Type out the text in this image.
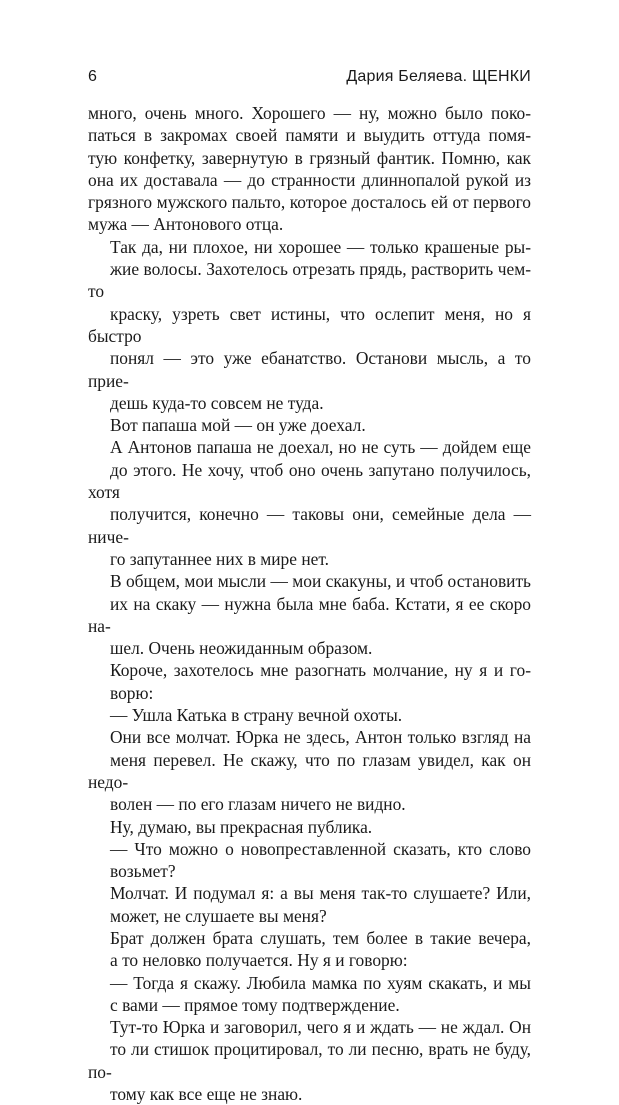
6	Дария Беляева. ЩЕНКИ

много, очень много. Хорошего — ну, можно было поко-
паться в закромах своей памяти и выудить оттуда помя-
тую конфетку, завернутую в грязный фантик. Помню, как
она их доставала — до странности длиннопалой рукой из
грязного мужского пальто, которое досталось ей от первого
мужа — Антонового отца.

Так да, ни плохое, ни хорошее — только крашеные ры-
жие волосы. Захотелось отрезать прядь, растворить чем-то
краску, узреть свет истины, что ослепит меня, но я быстро
понял — это уже ебанатство. Останови мысль, а то прие-
дешь куда-то совсем не туда.

Вот папаша мой — он уже доехал.

А Антонов папаша не доехал, но не суть — дойдем еще
до этого. Не хочу, чтоб оно очень запутано получилось, хотя
получится, конечно — таковы они, семейные дела — ниче-
го запутаннее них в мире нет.

В общем, мои мысли — мои скакуны, и чтоб остановить
их на скаку — нужна была мне баба. Кстати, я ее скоро на-
шел. Очень неожиданным образом.

Короче, захотелось мне разогнать молчание, ну я и го-
ворю:

— Ушла Катька в страну вечной охоты.

Они все молчат. Юрка не здесь, Антон только взгляд на
меня перевел. Не скажу, что по глазам увидел, как он недо-
волен — по его глазам ничего не видно.

Ну, думаю, вы прекрасная публика.

— Что можно о новопреставленной сказать, кто слово
возьмет?

Молчат. И подумал я: а вы меня так-то слушаете? Или,
может, не слушаете вы меня?

Брат должен брата слушать, тем более в такие вечера,
а то неловко получается. Ну я и говорю:

— Тогда я скажу. Любила мамка по хуям скакать, и мы
с вами — прямое тому подтверждение.

Тут-то Юрка и заговорил, чего я и ждать — не ждал. Он
то ли стишок процитировал, то ли песню, врать не буду, по-
тому как все еще не знаю.
